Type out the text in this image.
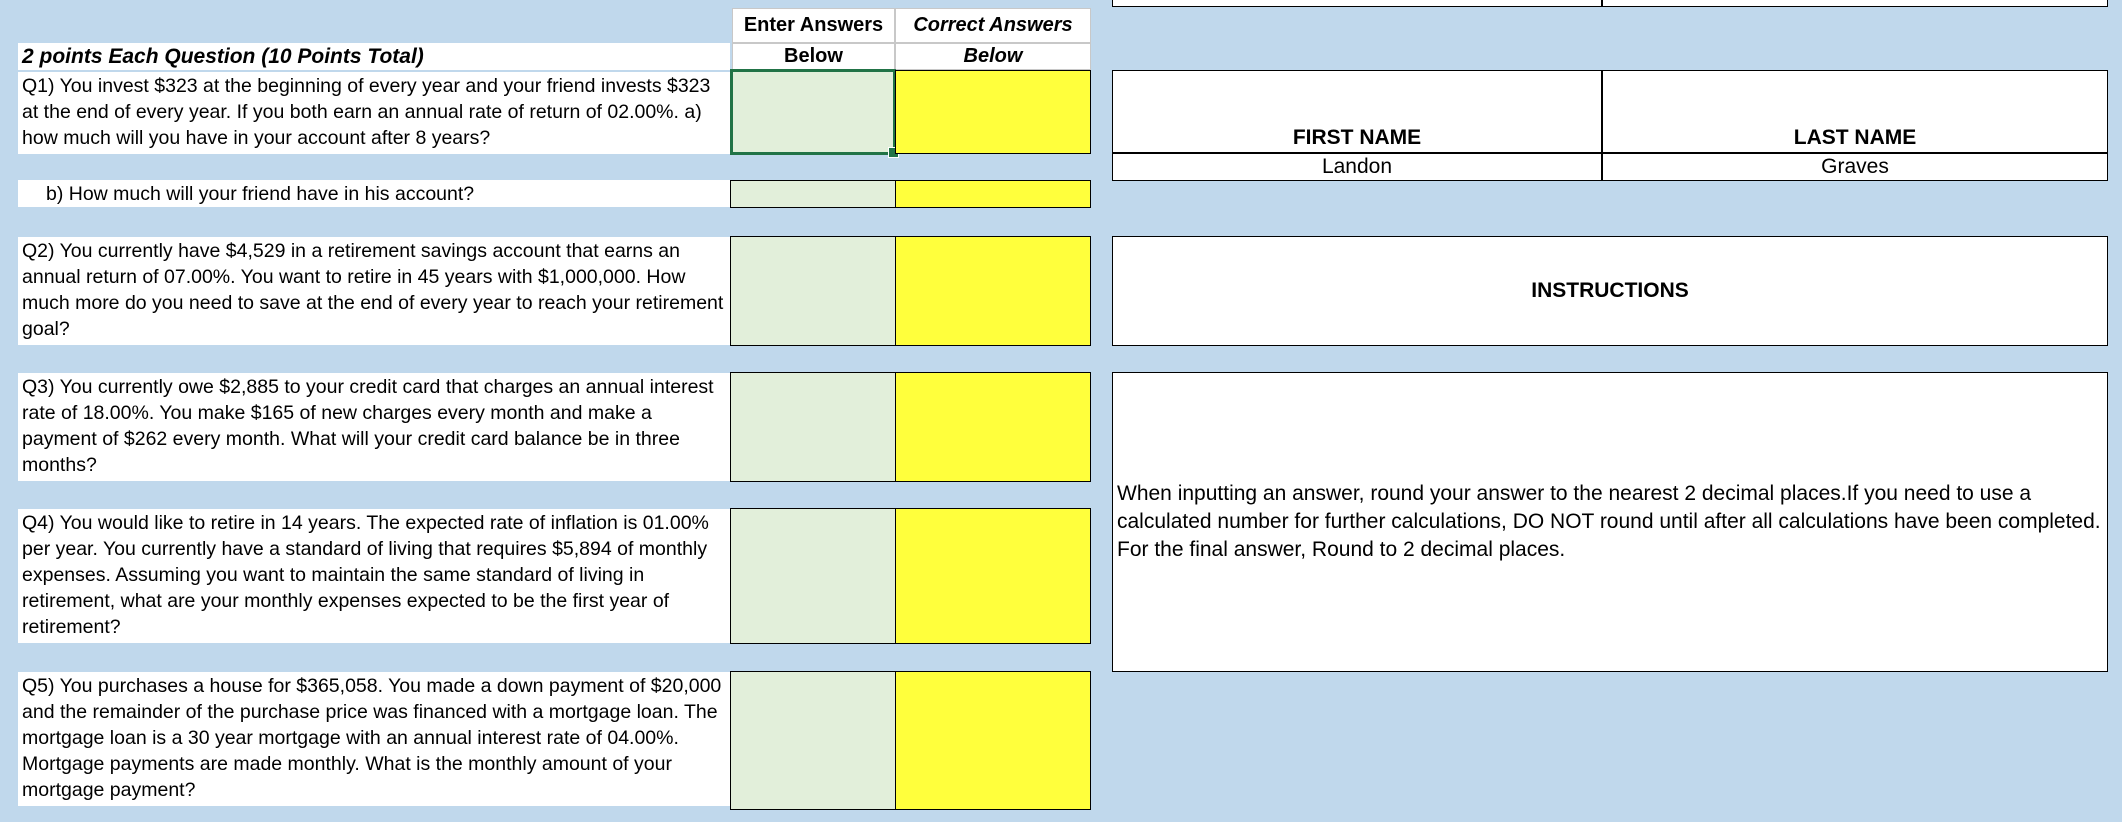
Enter Answers	Correct Answers
Below	Below
2 points Each Question (10 Points Total)
Q1) You invest $323 at the beginning of every year and your friend invests $323 at the end of every year. If you both earn an annual rate of return of 02.00%. a) how much will you have in your account after 8 years?
b) How much will your friend have in his account?
Q2) You currently have $4,529 in a retirement savings account that earns an annual return of 07.00%. You want to retire in 45 years with $1,000,000. How much more do you need to save at the end of every year to reach your retirement goal?
Q3) You currently owe $2,885 to your credit card that charges an annual interest rate of 18.00%. You make $165 of new charges every month and make a payment of $262 every month. What will your credit card balance be in three months?
Q4) You would like to retire in 14 years. The expected rate of inflation is 01.00% per year. You currently have a standard of living that requires $5,894 of monthly expenses. Assuming you want to maintain the same standard of living in retirement, what are your monthly expenses expected to be the first year of retirement?
Q5) You purchases a house for $365,058. You made a down payment of $20,000 and the remainder of the purchase price was financed with a mortgage loan. The mortgage loan is a 30 year mortgage with an annual interest rate of 04.00%. Mortgage payments are made monthly. What is the monthly amount of your mortgage payment?
FIRST NAME	LAST NAME
Landon	Graves
INSTRUCTIONS
When inputting an answer, round your answer to the nearest 2 decimal places.If you need to use a calculated number for further calculations, DO NOT round until after all calculations have been completed. For the final answer, Round to 2 decimal places.
